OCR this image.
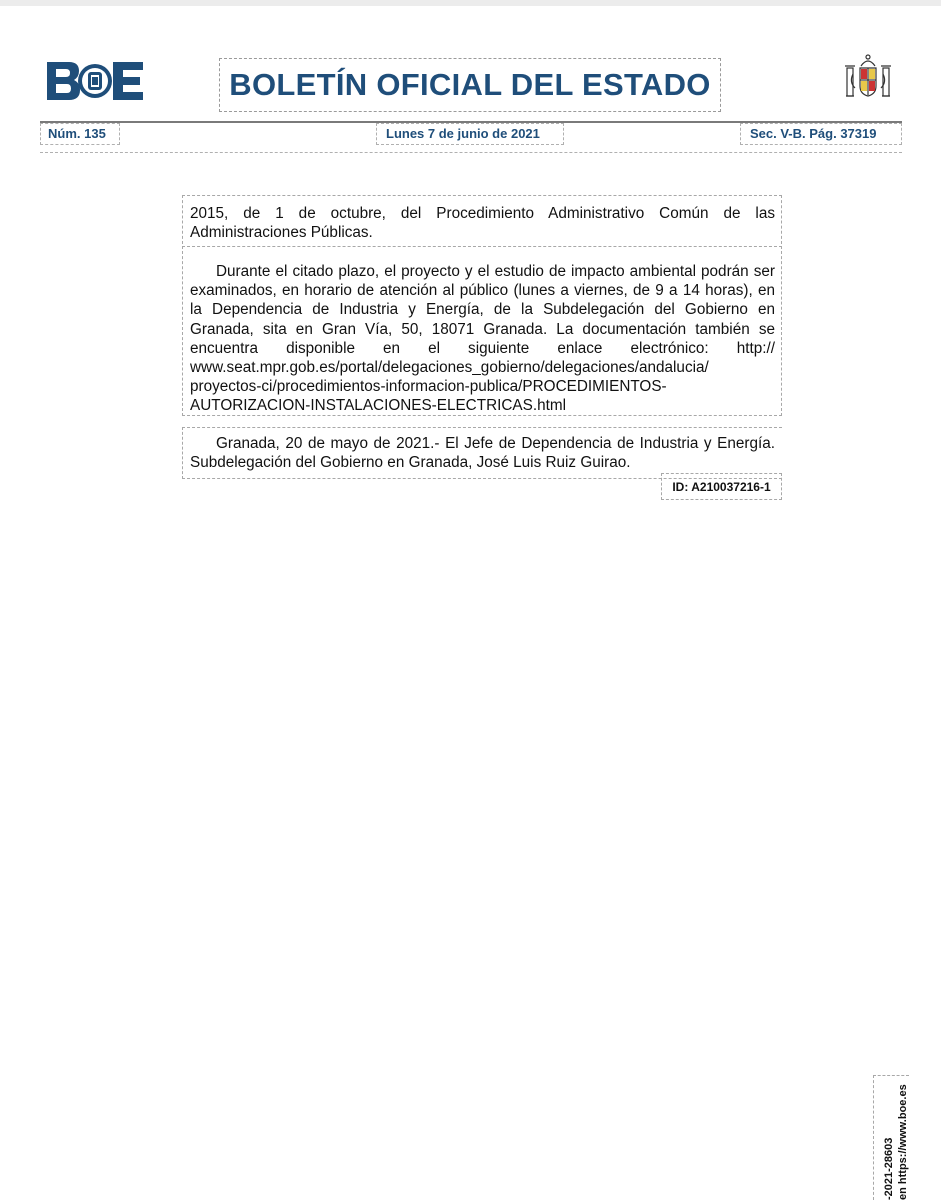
BOLETÍN OFICIAL DEL ESTADO
Núm. 135	Lunes 7 de junio de 2021	Sec. V-B. Pág. 37319
2015, de 1 de octubre, del Procedimiento Administrativo Común de las Administraciones Públicas.
Durante el citado plazo, el proyecto y el estudio de impacto ambiental podrán ser examinados, en horario de atención al público (lunes a viernes, de 9 a 14 horas), en la Dependencia de Industria y Energía, de la Subdelegación del Gobierno en Granada, sita en Gran Vía, 50, 18071 Granada. La documentación también se encuentra disponible en el siguiente enlace electrónico: http:// www.seat.mpr.gob.es/portal/delegaciones_gobierno/delegaciones/andalucia/ proyectos-ci/procedimientos-informacion-publica/PROCEDIMIENTOS-AUTORIZACION-INSTALACIONES-ELECTRICAS.html
Granada, 20 de mayo de 2021.- El Jefe de Dependencia de Industria y Energía. Subdelegación del Gobierno en Granada, José Luis Ruiz Guirao.
ID: A210037216-1
-2021-28603 en https://www.boe.es
